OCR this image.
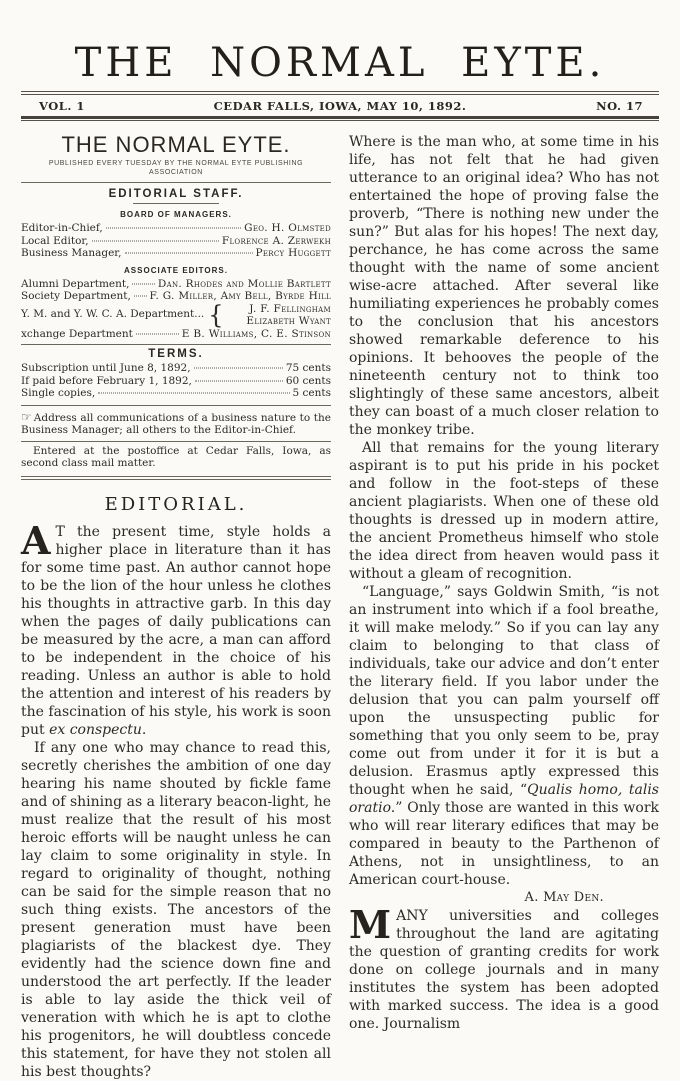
THE NORMAL EYTE.
VOL. 1	CEDAR FALLS, IOWA, MAY 10, 1892.	NO. 17
THE NORMAL EYTE.
PUBLISHED EVERY TUESDAY BY THE NORMAL EYTE PUBLISHING ASSOCIATION
EDITORIAL STAFF.
BOARD OF MANAGERS.
Editor-in-Chief,	Geo. H. Olmsted
Local Editor,	Florence A. Zerwekh
Business Manager,	Percy Huggett
ASSOCIATE EDITORS.
Alumni Department,	Dan. Rhodes and Mollie Bartlett
Society Department, F. G. Miller, Amy Bell, Byrde Hill
Y. M. and Y. W. C. A. Department... {	J. F. Fellingham
Elizabeth Wyant
xchange Department	E B. Williams, C. E. Stinson
TERMS.
Subscription until June 8, 1892,	75 cents
If paid before February 1, 1892,	60 cents
Single copies,	5 cents

☞ Address all communications of a business nature to the Business Manager; all others to the Editor-in-Chief.

Entered at the postoffice at Cedar Falls, Iowa, as second class mail matter.

EDITORIAL.

A T the present time, style holds a higher place in literature than it has for some time past. An author cannot hope to be the lion of the hour unless he clothes his thoughts in attractive garb. In this day when the pages of daily publications can be measured by the acre, a man can afford to be independent in the choice of his reading. Unless an author is able to hold the attention and interest of his readers by the fascination of his style, his work is soon put ex conspectu.

If any one who may chance to read this, secretly cherishes the ambition of one day hearing his name shouted by fickle fame and of shining as a literary beacon-light, he must realize that the result of his most heroic efforts will be naught unless he can lay claim to some originality in style. In regard to originality of thought, nothing can be said for the simple reason that no such thing exists. The ancestors of the present generation must have been plagiarists of the blackest dye. They evidently had the science down fine and understood the art perfectly. If the leader is able to lay aside the thick veil of veneration with which he is apt to clothe his progenitors, he will doubtless concede this statement, for have they not stolen all his best thoughts?

Where is the man who, at some time in his life, has not felt that he had given utterance to an original idea? Who has not entertained the hope of proving false the proverb, “There is nothing new under the sun?” But alas for his hopes! The next day, perchance, he has come across the same thought with the name of some ancient wise-acre attached. After several like humiliating experiences he probably comes to the conclusion that his ancestors showed remarkable deference to his opinions. It behooves the people of the nineteenth century not to think too slightingly of these same ancestors, albeit they can boast of a much closer relation to the monkey tribe.

All that remains for the young literary aspirant is to put his pride in his pocket and follow in the foot-steps of these ancient plagiarists. When one of these old thoughts is dressed up in modern attire, the ancient Prometheus himself who stole the idea direct from heaven would pass it without a gleam of recognition.

“Language,” says Goldwin Smith, “is not an instrument into which if a fool breathe, it will make melody.” So if you can lay any claim to belonging to that class of individuals, take our advice and don’t enter the literary field. If you labor under the delusion that you can palm yourself off upon the unsuspecting public for something that you only seem to be, pray come out from under it for it is but a delusion. Erasmus aptly expressed this thought when he said, “Qualis homo, talis oratio.” Only those are wanted in this work who will rear literary edifices that may be compared in beauty to the Parthenon of Athens, not in unsightliness, to an American court-house.

A. May Den.

MANY universities and colleges throughout the land are agitating the question of granting credits for work done on college journals and in many institutes the system has been adopted with marked success. The idea is a good one. Journalism
